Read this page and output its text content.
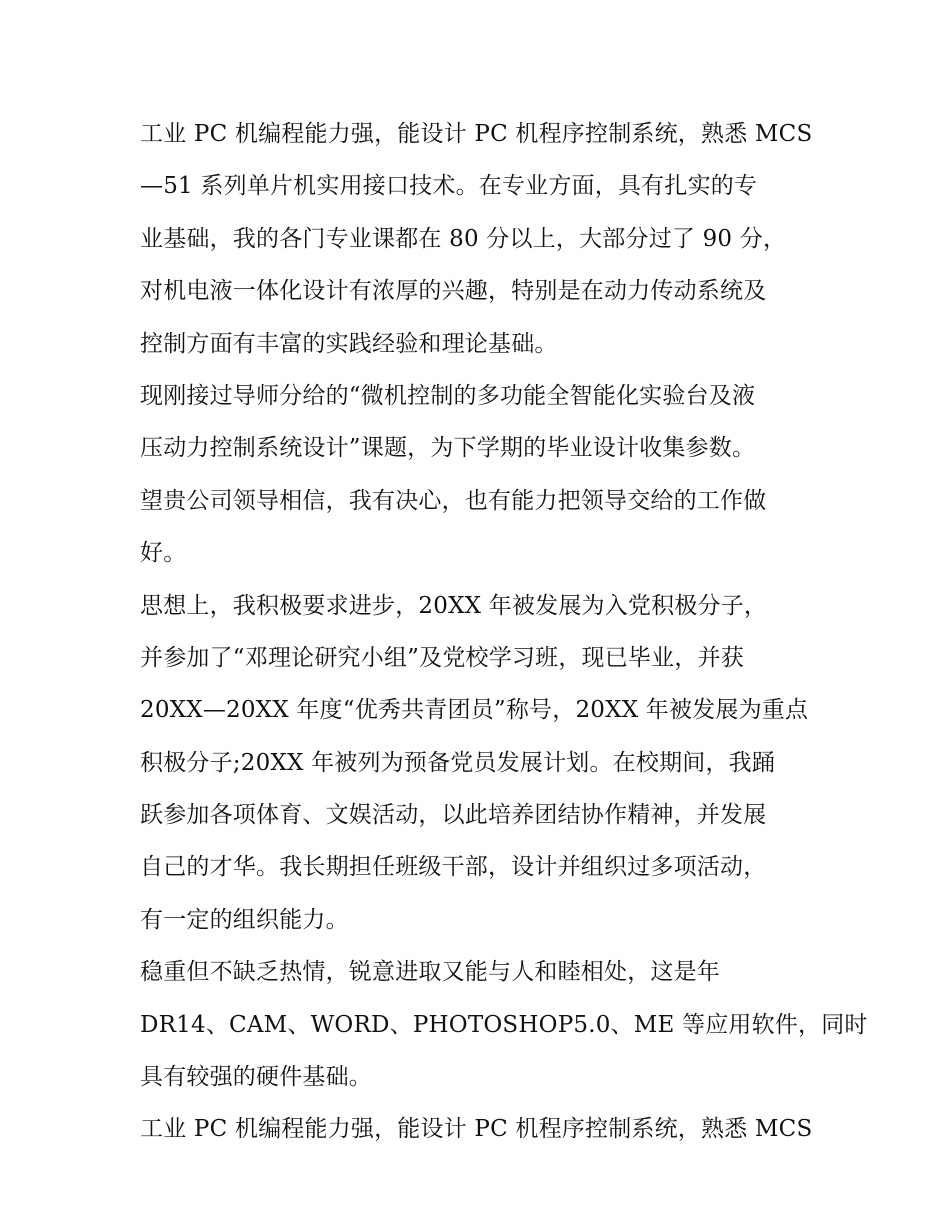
工业 PC 机编程能力强，能设计 PC 机程序控制系统，熟悉 MCS
—51 系列单片机实用接口技术。在专业方面，具有扎实的专
业基础，我的各门专业课都在 80 分以上，大部分过了 90 分，
对机电液一体化设计有浓厚的兴趣，特别是在动力传动系统及
控制方面有丰富的实践经验和理论基础。
现刚接过导师分给的“微机控制的多功能全智能化实验台及液
压动力控制系统设计”课题，为下学期的毕业设计收集参数。
望贵公司领导相信，我有决心，也有能力把领导交给的工作做
好。
思想上，我积极要求进步，20XX 年被发展为入党积极分子，
并参加了“邓理论研究小组”及党校学习班，现已毕业，并获
20XX—20XX 年度“优秀共青团员”称号，20XX 年被发展为重点
积极分子;20XX 年被列为预备党员发展计划。在校期间，我踊
跃参加各项体育、文娱活动，以此培养团结协作精神，并发展
自己的才华。我长期担任班级干部，设计并组织过多项活动，
有一定的组织能力。
稳重但不缺乏热情，锐意进取又能与人和睦相处，这是年
DR14、CAM、WORD、PHOTOSHOP5.0、ME 等应用软件，同时
具有较强的硬件基础。
工业 PC 机编程能力强，能设计 PC 机程序控制系统，熟悉 MCS
